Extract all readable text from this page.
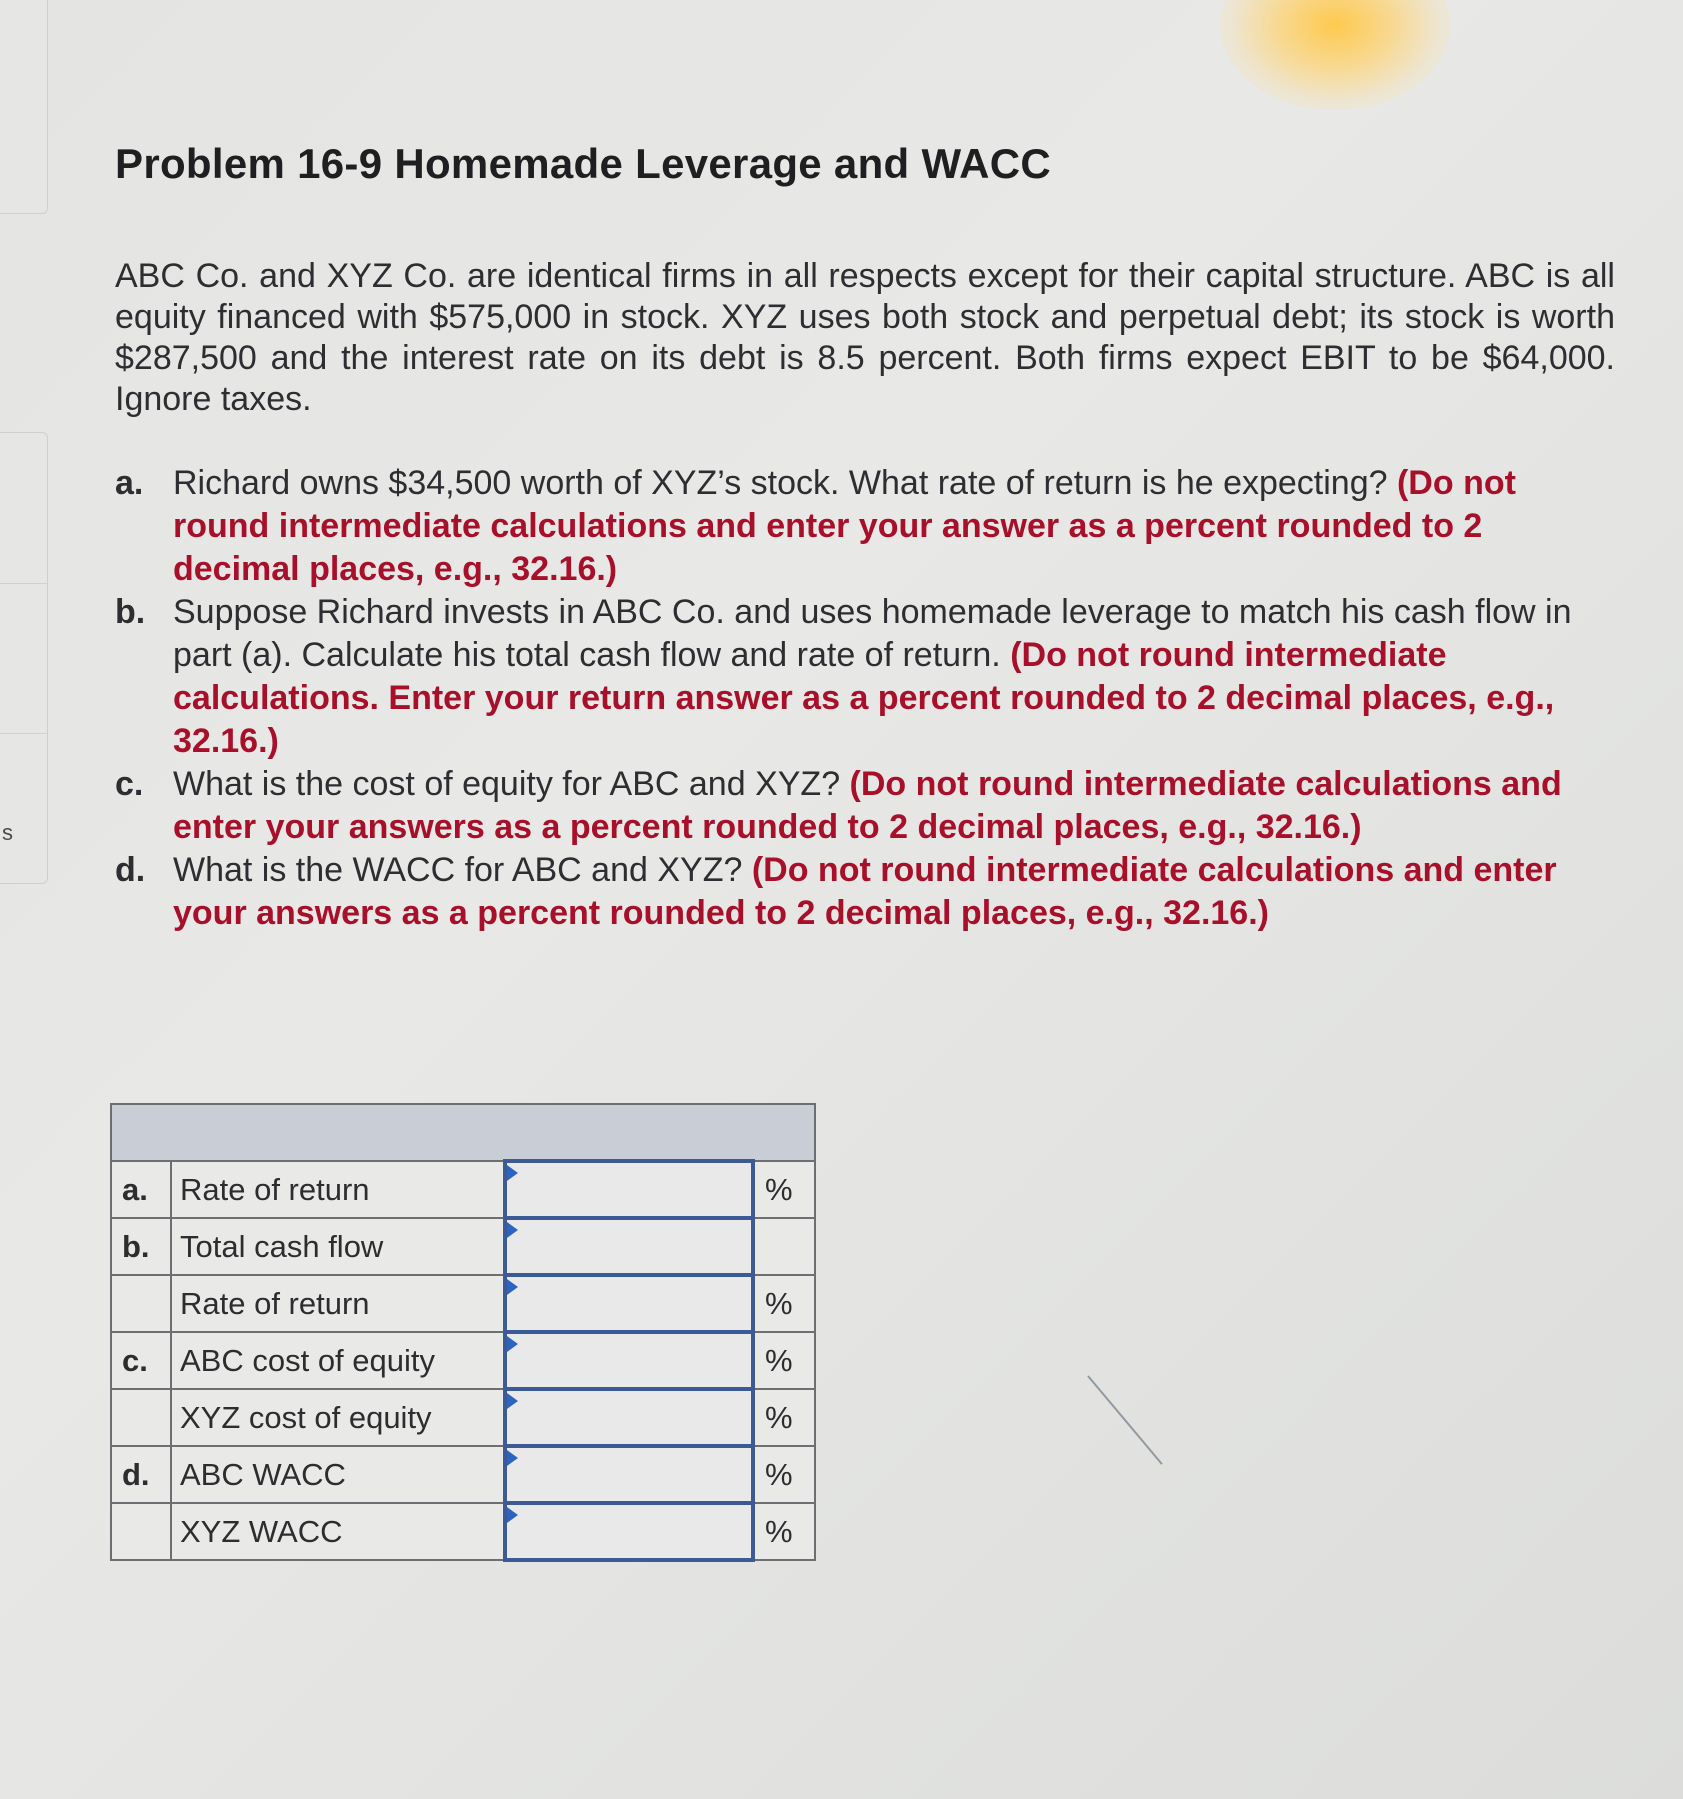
s
Problem 16-9 Homemade Leverage and WACC

ABC Co. and XYZ Co. are identical firms in all respects except for their capital structure. ABC is all equity financed with $575,000 in stock. XYZ uses both stock and perpetual debt; its stock is worth $287,500 and the interest rate on its debt is 8.5 percent. Both firms expect EBIT to be $64,000. Ignore taxes.

a. Richard owns $34,500 worth of XYZ’s stock. What rate of return is he expecting? (Do not round intermediate calculations and enter your answer as a percent rounded to 2 decimal places, e.g., 32.16.)
b. Suppose Richard invests in ABC Co. and uses homemade leverage to match his cash flow in part (a). Calculate his total cash flow and rate of return. (Do not round intermediate calculations. Enter your return answer as a percent rounded to 2 decimal places, e.g., 32.16.)
c. What is the cost of equity for ABC and XYZ? (Do not round intermediate calculations and enter your answers as a percent rounded to 2 decimal places, e.g., 32.16.)
d. What is the WACC for ABC and XYZ? (Do not round intermediate calculations and enter your answers as a percent rounded to 2 decimal places, e.g., 32.16.)

a.	Rate of return		%
b.	Total cash flow	

	Rate of return		%
c.	ABC cost of equity		%
	XYZ cost of equity		%
d.	ABC WACC		%
	XYZ WACC		%
